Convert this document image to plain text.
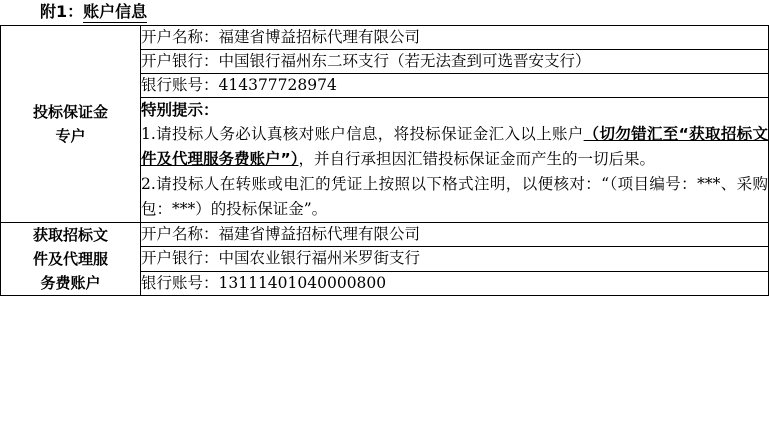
附1：账户信息
投标保证金
专户	开户名称：福建省博益招标代理有限公司
	开户银行：中国银行福州东二环支行（若无法查到可选晋安支行）
	银行账号：414377728974

	特别提示：
1.请投标人务必认真核对账户信息，将投标保证金汇入以上账户（切勿错汇至“获取招标文件及代理服务费账户”），并自行承担因汇错投标保证金而产生的一切后果。
2.请投标人在转账或电汇的凭证上按照以下格式注明，以便核对：“（项目编号：***、采购包：***）的投标保证金”。

获取招标文
件及代理服
务费账户	开户名称：福建省博益招标代理有限公司
	开户银行：中国农业银行福州米罗街支行
	银行账号：13111401040000800
